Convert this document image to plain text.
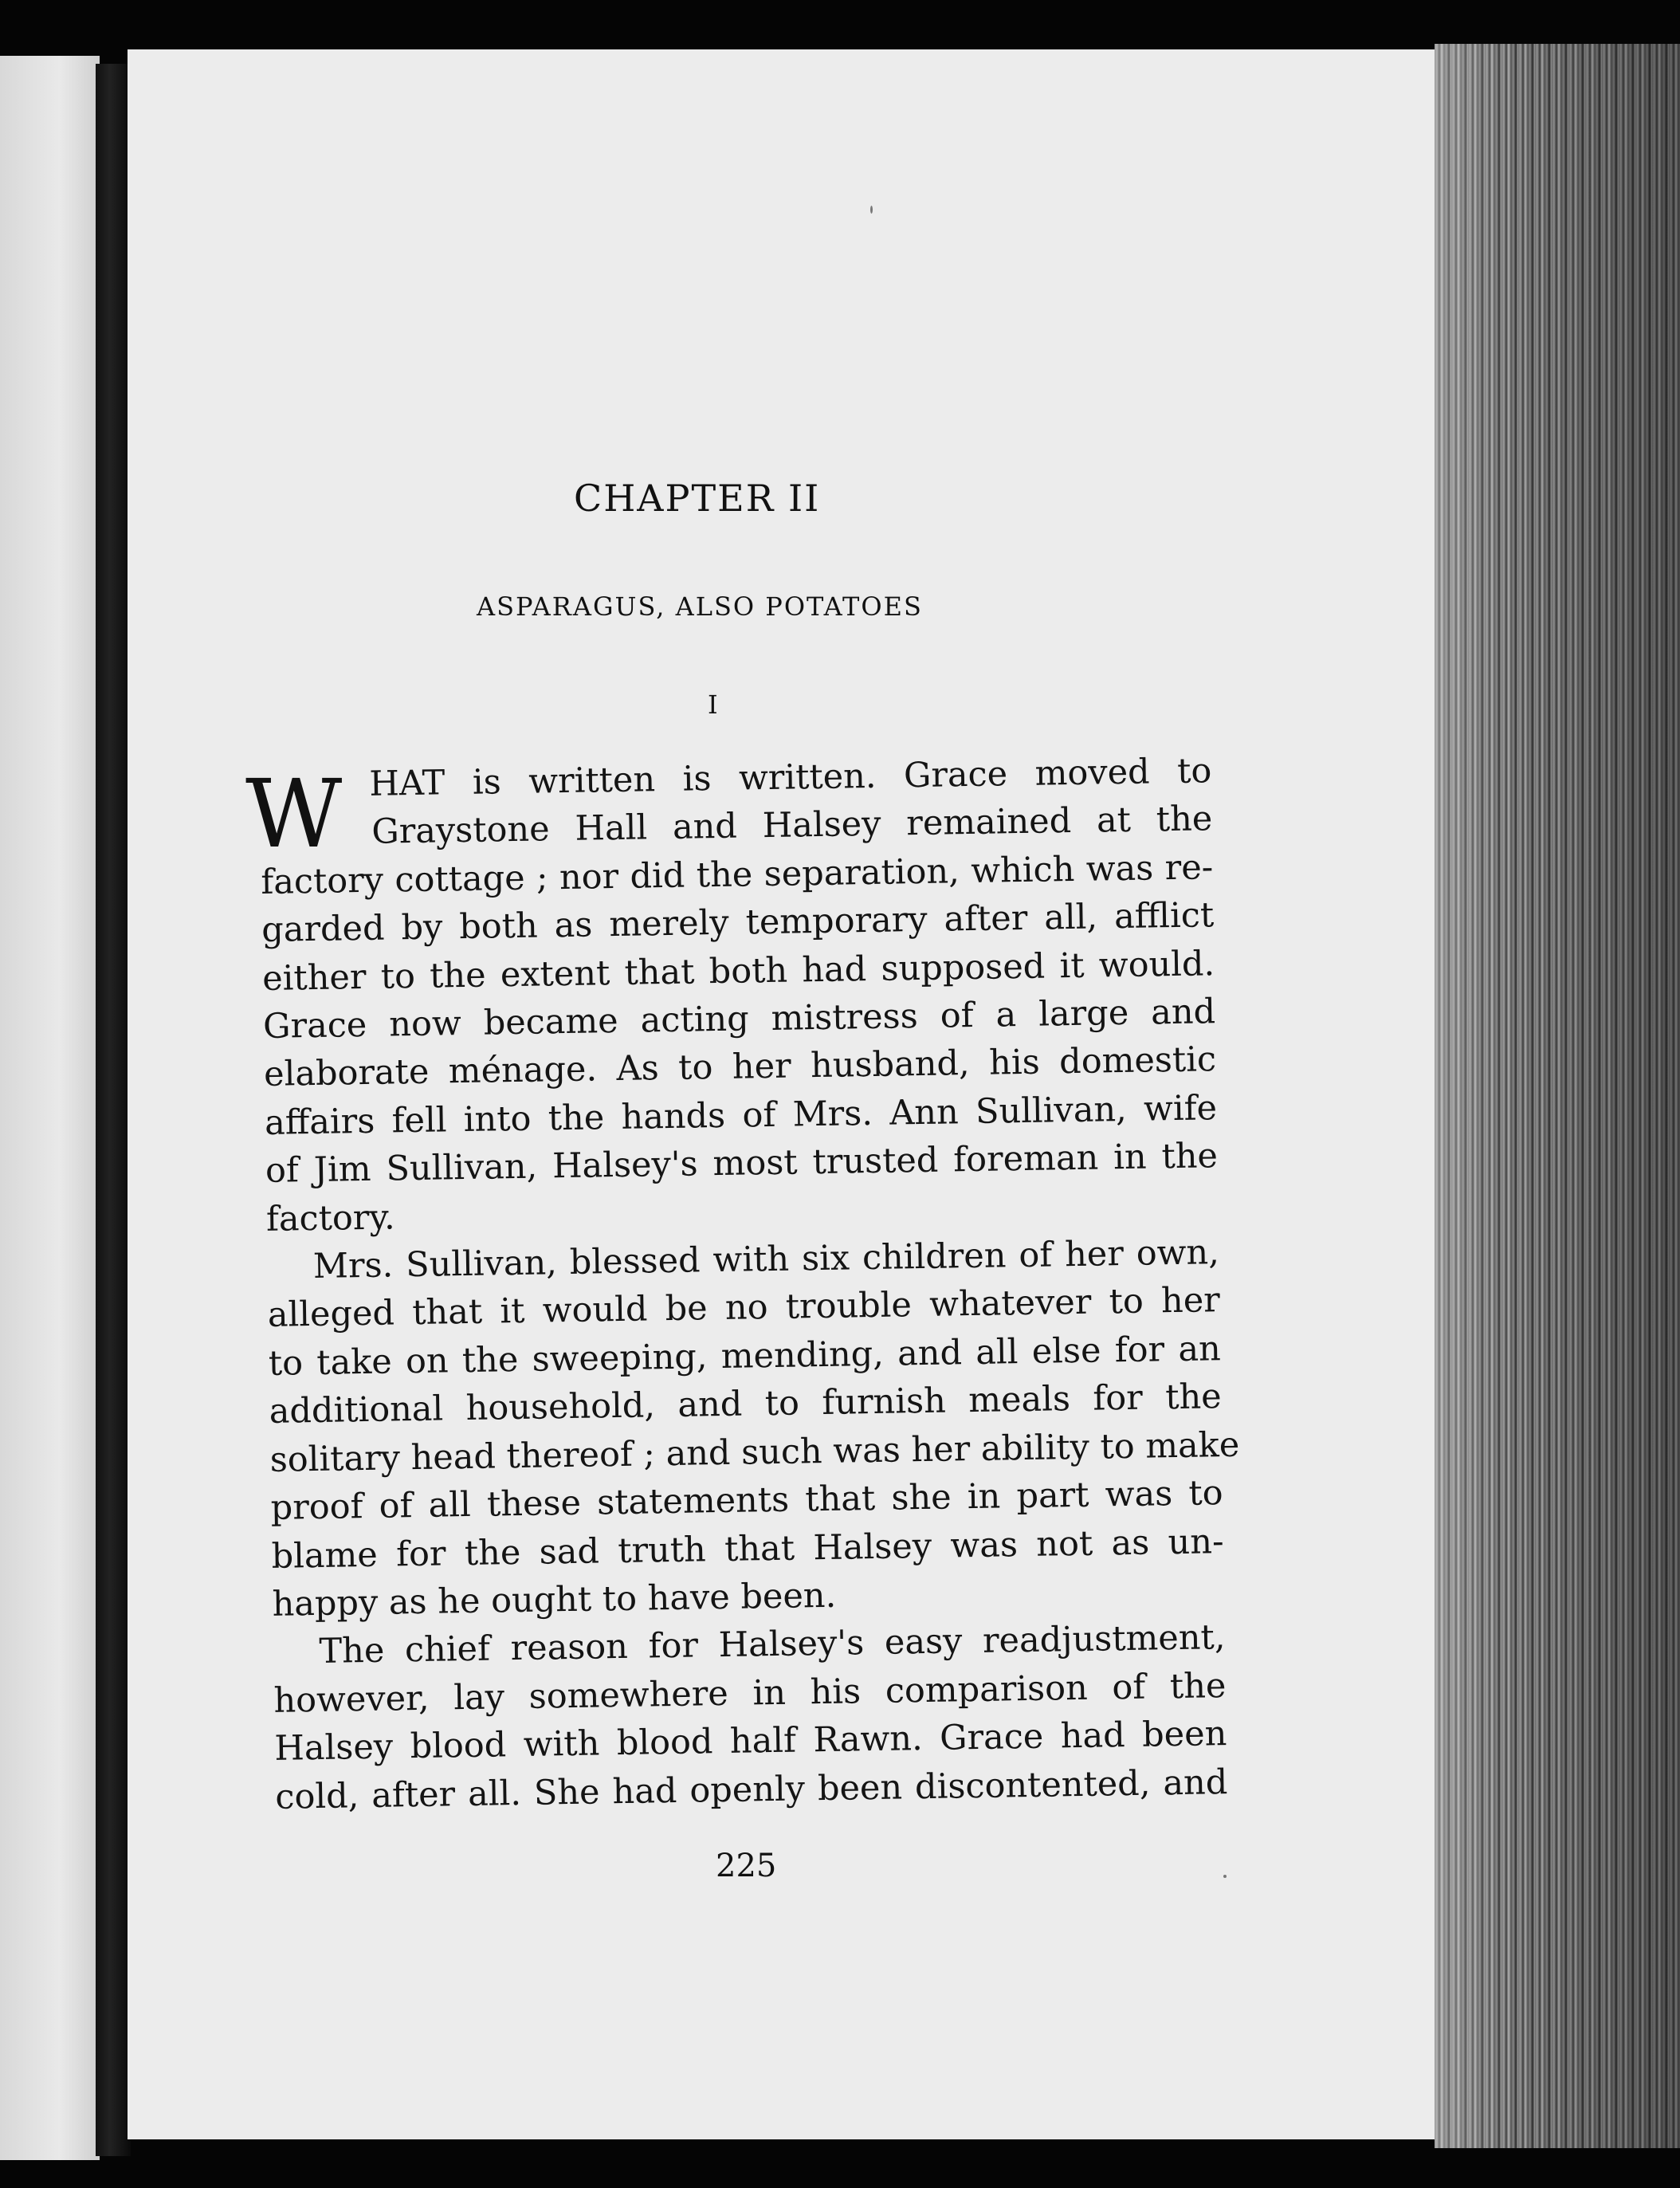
CHAPTER II
ASPARAGUS, ALSO POTATOES
I
W HAT is written is written. Grace moved to
Graystone Hall and Halsey remained at the
factory cottage ; nor did the separation, which was re-
garded by both as merely temporary after all, afflict
either to the extent that both had supposed it would.
Grace now became acting mistress of a large and
elaborate ménage. As to her husband, his domestic
affairs fell into the hands of Mrs. Ann Sullivan, wife
of Jim Sullivan, Halsey's most trusted foreman in the
factory.
Mrs. Sullivan, blessed with six children of her own,
alleged that it would be no trouble whatever to her
to take on the sweeping, mending, and all else for an
additional household, and to furnish meals for the
solitary head thereof ; and such was her ability to make
proof of all these statements that she in part was to
blame for the sad truth that Halsey was not as un-
happy as he ought to have been.
The chief reason for Halsey's easy readjustment,
however, lay somewhere in his comparison of the
Halsey blood with blood half Rawn. Grace had been
cold, after all. She had openly been discontented, and
225
